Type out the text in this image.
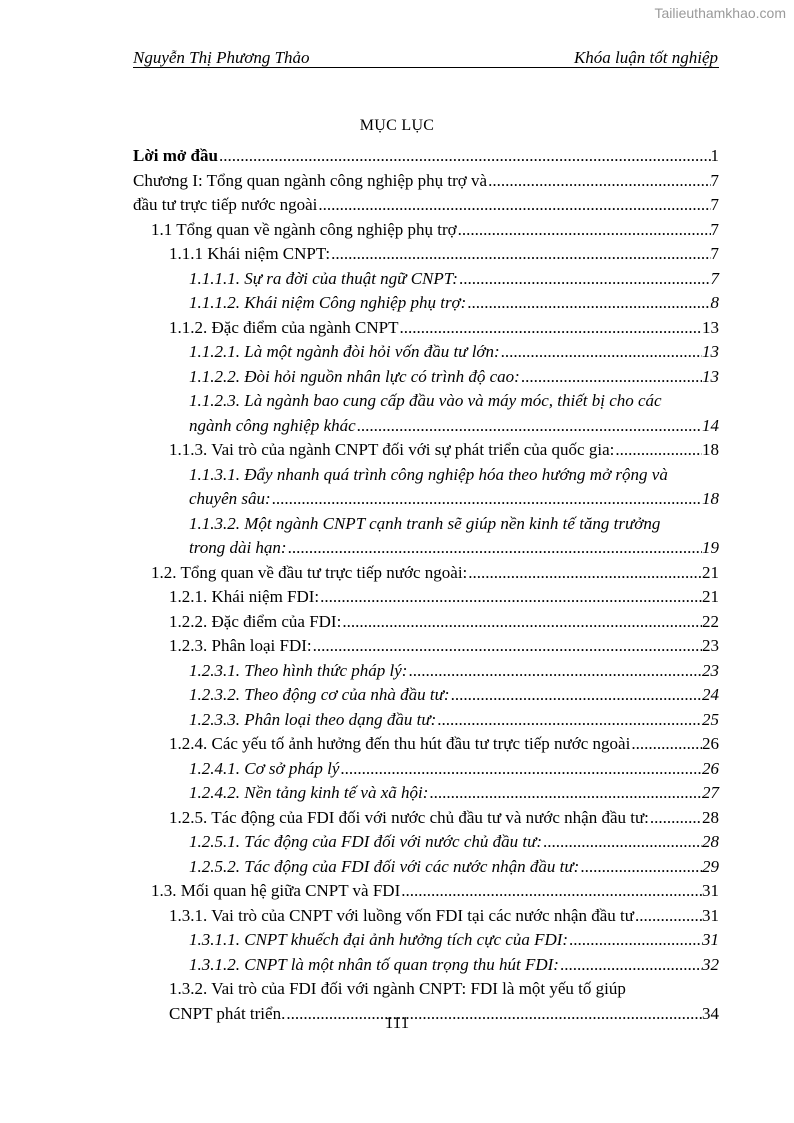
Tailieuthamkhao.com
Nguyễn Thị Phương Thảo	Khóa luận tốt nghiệp
MỤC LỤC
Lời mở đầu .....	1
Chương I: Tổng quan ngành công nghiệp phụ trợ và .....	7
đầu tư trực tiếp nước ngoài .....	7
1.1 Tổng quan về ngành công nghiệp phụ trợ .....	7
1.1.1 Khái niệm CNPT: .....	7
1.1.1.1. Sự ra đời của thuật ngữ CNPT: .....	7
1.1.1.2. Khái niệm Công nghiệp phụ trợ: .....	8
1.1.2. Đặc điểm của ngành CNPT .....	13
1.1.2.1. Là một ngành đòi hỏi vốn đầu tư lớn: .....	13
1.1.2.2. Đòi hỏi nguồn nhân lực có trình độ cao: .....	13
1.1.2.3. Là ngành bao cung cấp đầu vào và máy móc, thiết bị cho các
ngành công nghiệp khác .....	14
1.1.3. Vai trò của ngành CNPT đối với sự phát triển của quốc gia: .....	18
1.1.3.1. Đẩy nhanh quá trình công nghiệp hóa theo hướng mở rộng và
chuyên sâu: .....	18
1.1.3.2. Một ngành CNPT cạnh tranh sẽ giúp nền kinh tế tăng trưởng
trong dài hạn: .....	19
1.2. Tổng quan về đầu tư trực tiếp nước ngoài: .....	21
1.2.1. Khái niệm FDI: .....	21
1.2.2. Đặc điểm của FDI: .....	22
1.2.3. Phân loại FDI: .....	23
1.2.3.1. Theo hình thức pháp lý: .....	23
1.2.3.2. Theo động cơ của nhà đầu tư: .....	24
1.2.3.3. Phân loại theo dạng đầu tư: .....	25
1.2.4. Các yếu tố ảnh hưởng đến thu hút đầu tư trực tiếp nước ngoài .....	26
1.2.4.1. Cơ sở pháp lý .....	26
1.2.4.2. Nền tảng kinh tế và xã hội: .....	27
1.2.5. Tác động của FDI đối với nước chủ đầu tư và nước nhận đầu tư: .....	28
1.2.5.1. Tác động của FDI đối với nước chủ đầu tư: .....	28
1.2.5.2. Tác động của FDI đối với các nước nhận đầu tư: .....	29
1.3. Mối quan hệ giữa CNPT và FDI .....	31
1.3.1. Vai trò của CNPT với luồng vốn FDI tại các nước nhận đầu tư .....	31
1.3.1.1. CNPT khuếch đại ảnh hưởng tích cực của FDI: .....	31
1.3.1.2. CNPT là một nhân tố quan trọng thu hút FDI: .....	32
1.3.2. Vai trò của FDI đối với ngành CNPT: FDI là một yếu tố giúp
CNPT phát triển. .....	34
111
